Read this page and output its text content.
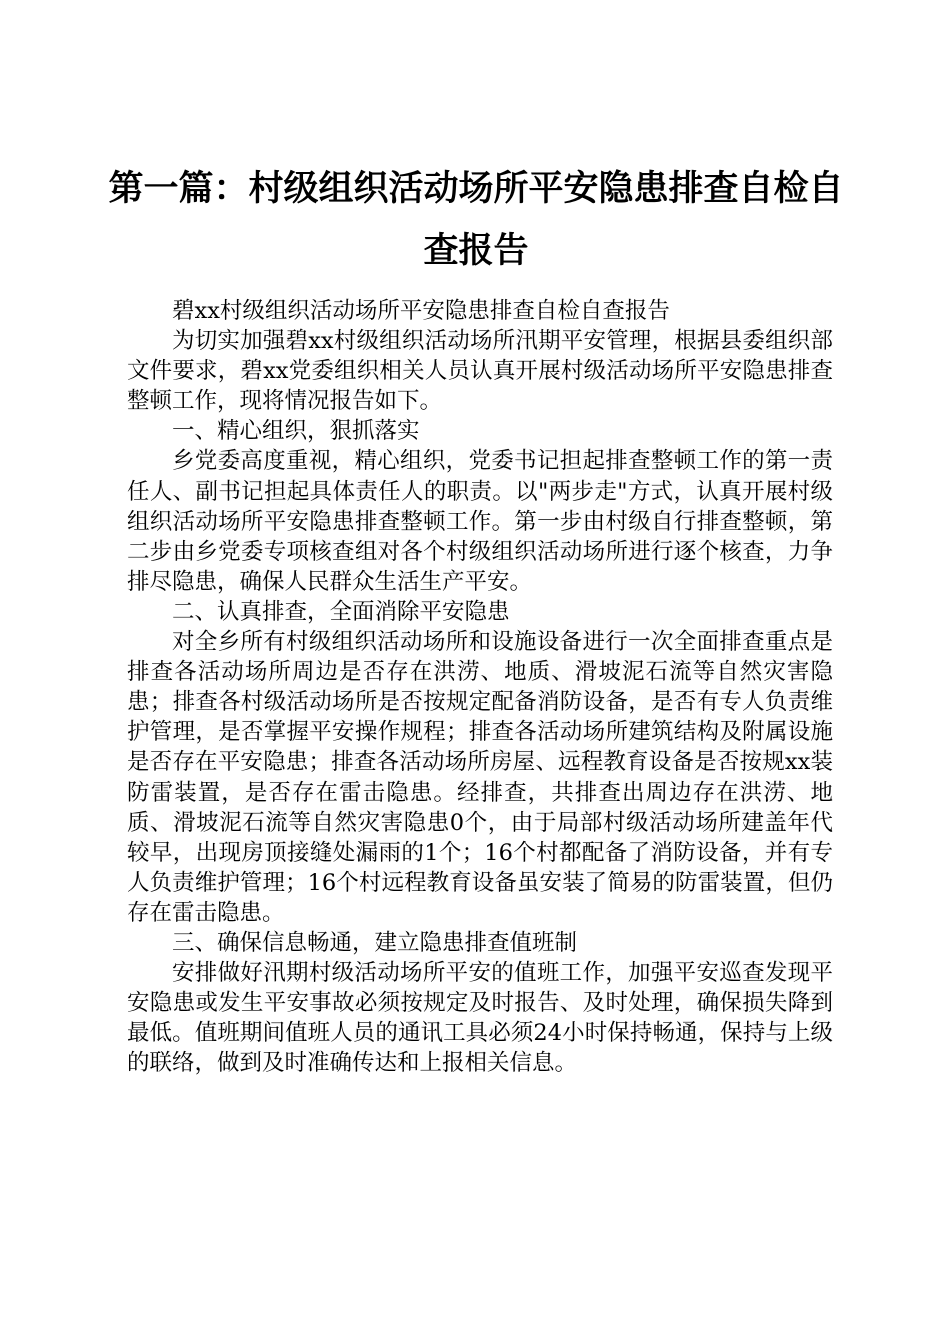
第一篇：村级组织活动场所平安隐患排查自检自查报告

碧xx村级组织活动场所平安隐患排查自检自查报告

为切实加强碧xx村级组织活动场所汛期平安管理，根据县委组织部文件要求，碧xx党委组织相关人员认真开展村级活动场所平安隐患排查整顿工作，现将情况报告如下。

一、精心组织，狠抓落实

乡党委高度重视，精心组织，党委书记担起排查整顿工作的第一责任人、副书记担起具体责任人的职责。以"两步走"方式，认真开展村级组织活动场所平安隐患排查整顿工作。第一步由村级自行排查整顿，第二步由乡党委专项核查组对各个村级组织活动场所进行逐个核查，力争排尽隐患，确保人民群众生活生产平安。

二、认真排查，全面消除平安隐患

对全乡所有村级组织活动场所和设施设备进行一次全面排查重点是排查各活动场所周边是否存在洪涝、地质、滑坡泥石流等自然灾害隐患；排查各村级活动场所是否按规定配备消防设备，是否有专人负责维护管理，是否掌握平安操作规程；排查各活动场所建筑结构及附属设施是否存在平安隐患；排查各活动场所房屋、远程教育设备是否按规xx装防雷装置，是否存在雷击隐患。经排查，共排查出周边存在洪涝、地质、滑坡泥石流等自然灾害隐患0个，由于局部村级活动场所建盖年代较早，出现房顶接缝处漏雨的1个；16个村都配备了消防设备，并有专人负责维护管理；16个村远程教育设备虽安装了简易的防雷装置，但仍存在雷击隐患。

三、确保信息畅通，建立隐患排查值班制

安排做好汛期村级活动场所平安的值班工作，加强平安巡查发现平安隐患或发生平安事故必须按规定及时报告、及时处理，确保损失降到最低。值班期间值班人员的通讯工具必须24小时保持畅通，保持与上级的联络，做到及时准确传达和上报相关信息。
